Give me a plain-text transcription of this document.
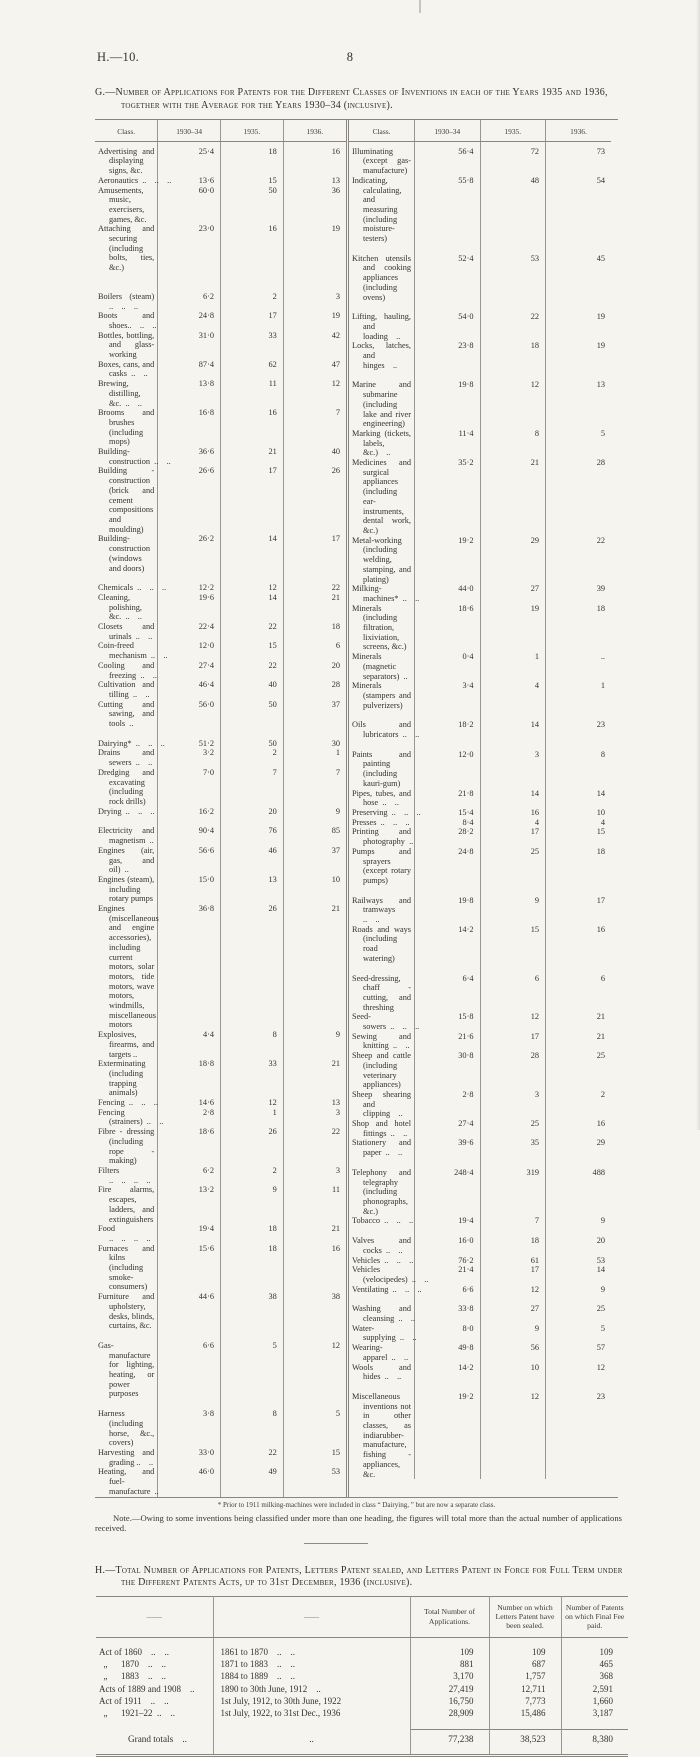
H.—10.	8

G.—Number of Applications for Patents for the Different Classes of Inventions in each of the Years 1935 and 1936, together with the Average for the Years 1930–34 (inclusive).

Class.	1930–34	1935.	1936.

Advertising and displaying signs, &c.	25·4	18	16
Aeronautics .. .. ..	13·6	15	13
Amusements, music, exercisers, games, &c.	60·0	50	36
Attaching and securing (including bolts, ties, &c.)	23·0	16	19

Boilers (steam) .. .. ..	6·2	2	3
Boots and shoes.. .. ..	24·8	17	19
Bottles, bottling, and glass-working	31·0	33	42
Boxes, cans, and casks .. ..	87·4	62	47
Brewing, distilling, &c. .. ..	13·8	11	12
Brooms and brushes (including mops)	16·8	16	7
Building-construction .. ..	36·6	21	40
Building - construction (brick and cement compositions and moulding)	26·6	17	26
Building-construction (windows and doors)	26·2	14	17

Chemicals .. .. ..	12·2	12	22
Cleaning, polishing, &c. .. ..	19·6	14	21
Closets and urinals .. ..	22·4	22	18
Coin-freed mechanism .. ..	12·0	15	6
Cooling and freezing .. ..	27·4	22	20
Cultivation and tilling .. ..	46·4	40	28
Cutting and sawing, and tools ..	56·0	50	37

Dairying* .. .. ..	51·2	50	30
Drains and sewers .. ..	3·2	2	1
Dredging and excavating (including rock drills)	7·0	7	7
Drying .. .. ..	16·2	20	9

Electricity and magnetism ..	90·4	76	85
Engines (air, gas, and oil) ..	56·6	46	37
Engines (steam), including rotary pumps	15·0	13	10
Engines (miscellaneous and engine accessories), including current motors, solar motors, tide motors, wave motors, windmills, miscellaneous motors	36·8	26	21
Explosives, firearms, and targets ..	4·4	8	9
Exterminating (including trapping animals)	18·8	33	21
Fencing .. .. ..	14·6	12	13
Fencing (strainers) .. ..	2·8	1	3
Fibre - dressing (including rope - making)	18·6	26	22
Filters .. .. .. ..	6·2	2	3
Fire alarms, escapes, ladders, and extinguishers	13·2	9	11
Food .. .. .. ..	19·4	18	21
Furnaces and kilns (including smoke-consumers)	15·6	18	16
Furniture and upholstery, desks, blinds, curtains, &c.	44·6	38	38

Gas-manufacture for lighting, heating, or power purposes	6·6	5	12

Harness (including horse, &c., covers)	3·8	8	5
Harvesting and grading .. ..	33·0	22	15
Heating, and fuel-manufacture ..	46·0	49	53
Class.	1930–34	1935.	1936.

Illuminating (except gas-manufacture)	56·4	72	73
Indicating, calculating, and measuring (including moisture-testers)	55·8	48	54

Kitchen utensils and cooking appliances (including ovens)	52·4	53	45

Lifting, hauling, and loading ..	54·0	22	19
Locks, latches, and hinges ..	23·8	18	19

Marine and submarine (including lake and river engineering)	19·8	12	13
Marking (tickets, labels, &c.) ..	11·4	8	5
Medicines and surgical appliances (including ear-instruments, dental work, &c.)	35·2	21	28
Metal-working (including welding, stamping, and plating)	19·2	29	22
Milking-machines* .. ..	44·0	27	39
Minerals (including filtration, lixiviation, screens, &c.)	18·6	19	18
Minerals (magnetic separators) ..	0·4	1	..
Minerals (stampers and pulverizers)	3·4	4	1

Oils and lubricators .. ..	18·2	14	23

Paints and painting (including kauri-gum)	12·0	3	8
Pipes, tubes, and hose .. ..	21·8	14	14
Preserving .. .. ..	15·4	16	10
Presses .. .. ..	8·4	4	4
Printing and photography ..	28·2	17	15
Pumps and sprayers (except rotary pumps)	24·8	25	18

Railways and tramways .. ..	19·8	9	17
Roads and ways (including road watering)	14·2	15	16

Seed-dressing, chaff - cutting, and threshing	6·4	6	6
Seed-sowers .. .. ..	15·8	12	21
Sewing and knitting .. ..	21·6	17	21
Sheep and cattle (including veterinary appliances)	30·8	28	25
Sheep shearing and clipping ..	2·8	3	2
Shop and hotel fittings .. ..	27·4	25	16
Stationery and paper .. ..	39·6	35	29

Telephony and telegraphy (including phonographs, &c.)	248·4	319	488
Tobacco .. .. ..	19·4	7	9

Valves and cocks .. ..	16·0	18	20
Vehicles .. .. ..	76·2	61	53
Vehicles (velocipedes) .. ..	21·4	17	14
Ventilating .. .. ..	6·6	12	9

Washing and cleansing .. ..	33·8	27	25
Water-supplying .. ..	8·0	9	5
Wearing-apparel .. ..	49·8	56	57
Wools and hides .. ..	14·2	10	12

Miscellaneous inventions not in other classes, as indiarubber-manufacture, fishing - appliances, &c.	19·2	12	23

* Prior to 1911 milking-machines were included in class “ Dairying, ” but are now a separate class.

Note.—Owing to some inventions being classified under more than one heading, the figures will total more than the actual number of applications received.

H.—Total Number of Applications for Patents, Letters Patent sealed, and Letters Patent in Force for Full Term under the Different Patents Acts, up to 31st December, 1936 (inclusive).

——	——	Total Number of Applications.	Number on which Letters Patent have been sealed.	Number of Patents on which Final Fee paid.

Act of 1860 .. ..	1861 to 1870 .. ..	109	109	109
 „  1870 .. ..	1871 to 1883 .. ..	881	687	465
 „  1883 .. ..	1884 to 1889 .. ..	3,170	1,757	368
Acts of 1889 and 1908 ..	1890 to 30th June, 1912 ..	27,419	12,711	2,591
Act of 1911 .. ..	1st July, 1912, to 30th June, 1922	16,750	7,773	1,660
 „  1921–22 .. ..	1st July, 1922, to 31st Dec., 1936	28,909	15,486	3,187

Grand totals ..	..	77,238	38,523	8,380
